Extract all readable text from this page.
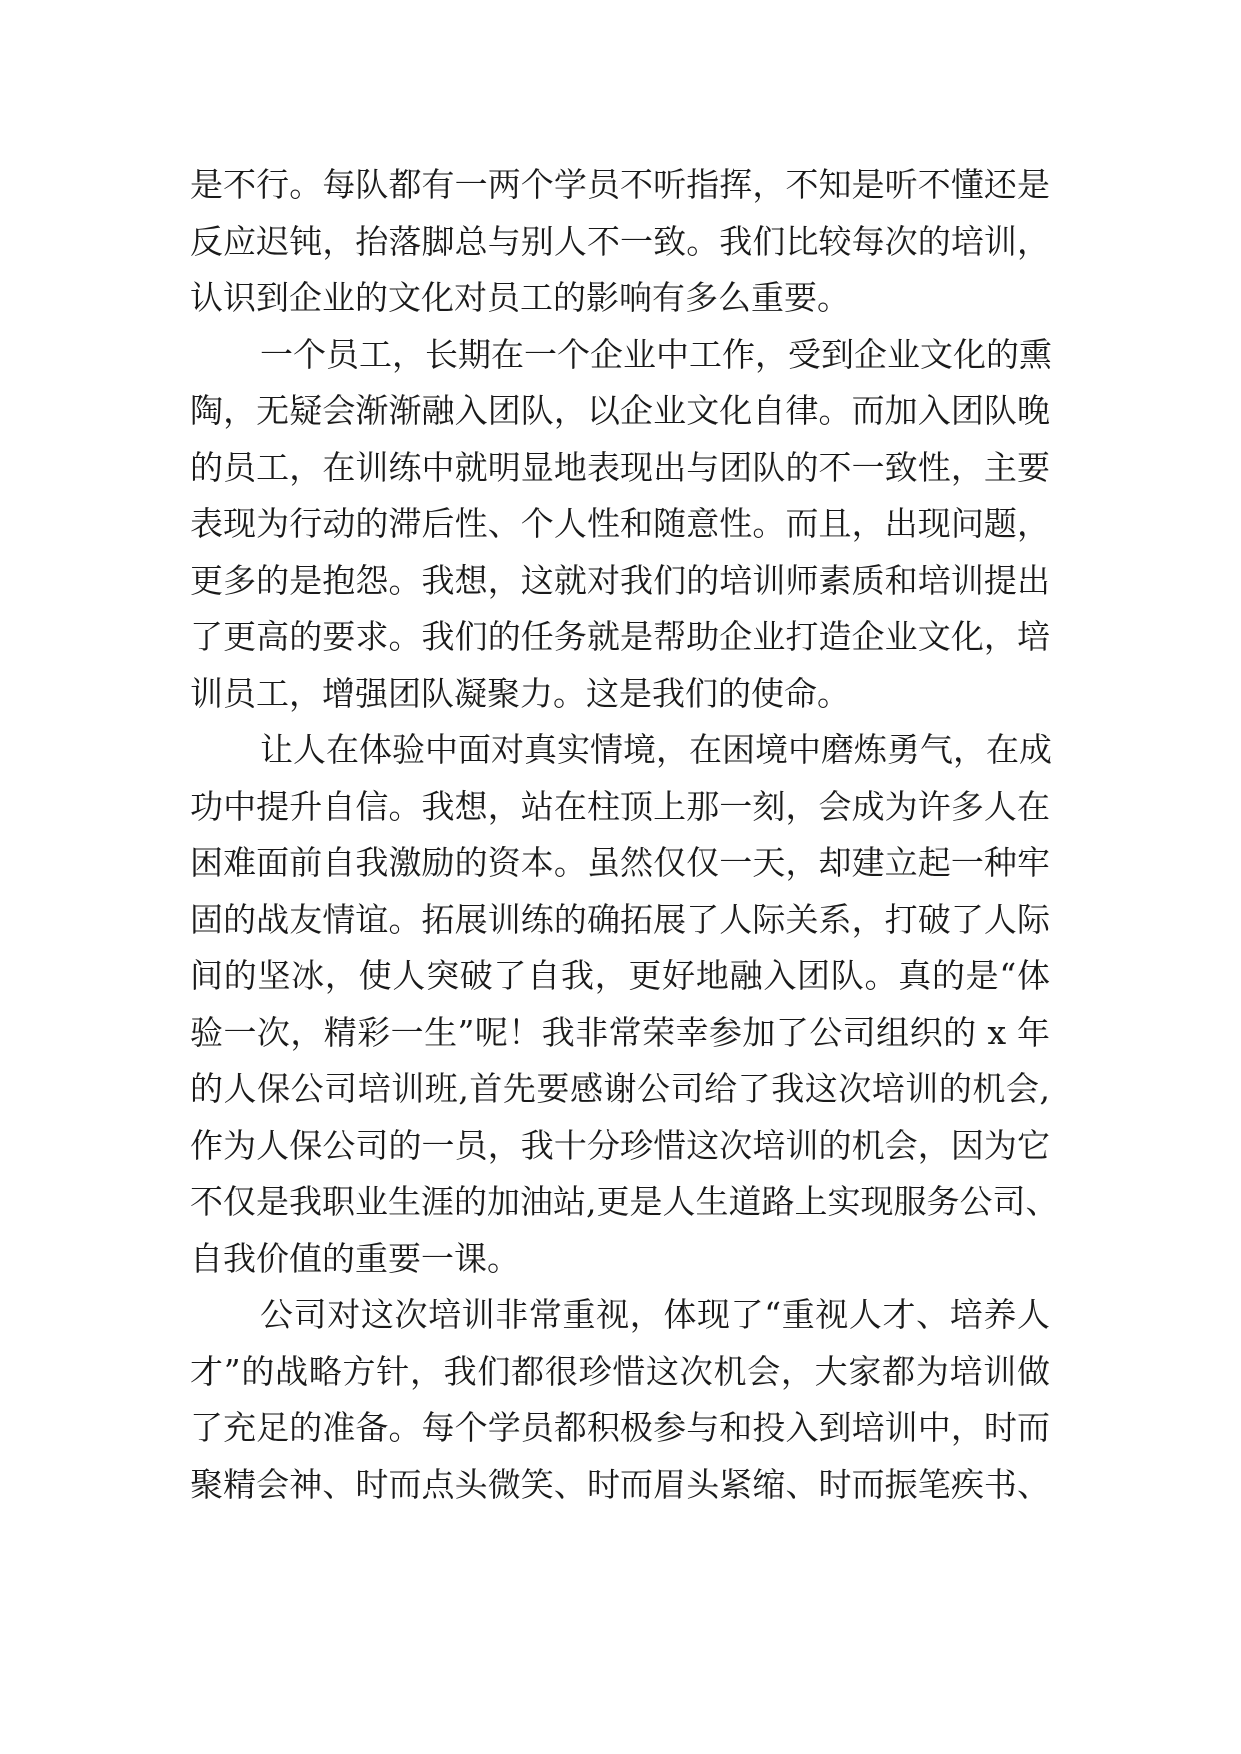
是不行。每队都有一两个学员不听指挥，不知是听不懂还是
反应迟钝，抬落脚总与别人不一致。我们比较每次的培训，
认识到企业的文化对员工的影响有多么重要。
一个员工，长期在一个企业中工作，受到企业文化的熏
陶，无疑会渐渐融入团队，以企业文化自律。而加入团队晚
的员工，在训练中就明显地表现出与团队的不一致性，主要
表现为行动的滞后性、个人性和随意性。而且，出现问题，
更多的是抱怨。我想，这就对我们的培训师素质和培训提出
了更高的要求。我们的任务就是帮助企业打造企业文化，培
训员工，增强团队凝聚力。这是我们的使命。
让人在体验中面对真实情境，在困境中磨炼勇气，在成
功中提升自信。我想，站在柱顶上那一刻，会成为许多人在
困难面前自我激励的资本。虽然仅仅一天，却建立起一种牢
固的战友情谊。拓展训练的确拓展了人际关系，打破了人际
间的坚冰，使人突破了自我，更好地融入团队。真的是“体
验一次，精彩一生”呢！我非常荣幸参加了公司组织的 x 年
的人保公司培训班,首先要感谢公司给了我这次培训的机会,
作为人保公司的一员，我十分珍惜这次培训的机会，因为它
不仅是我职业生涯的加油站,更是人生道路上实现服务公司、
自我价值的重要一课。
公司对这次培训非常重视，体现了“重视人才、培养人
才”的战略方针，我们都很珍惜这次机会，大家都为培训做
了充足的准备。每个学员都积极参与和投入到培训中，时而
聚精会神、时而点头微笑、时而眉头紧缩、时而振笔疾书、
